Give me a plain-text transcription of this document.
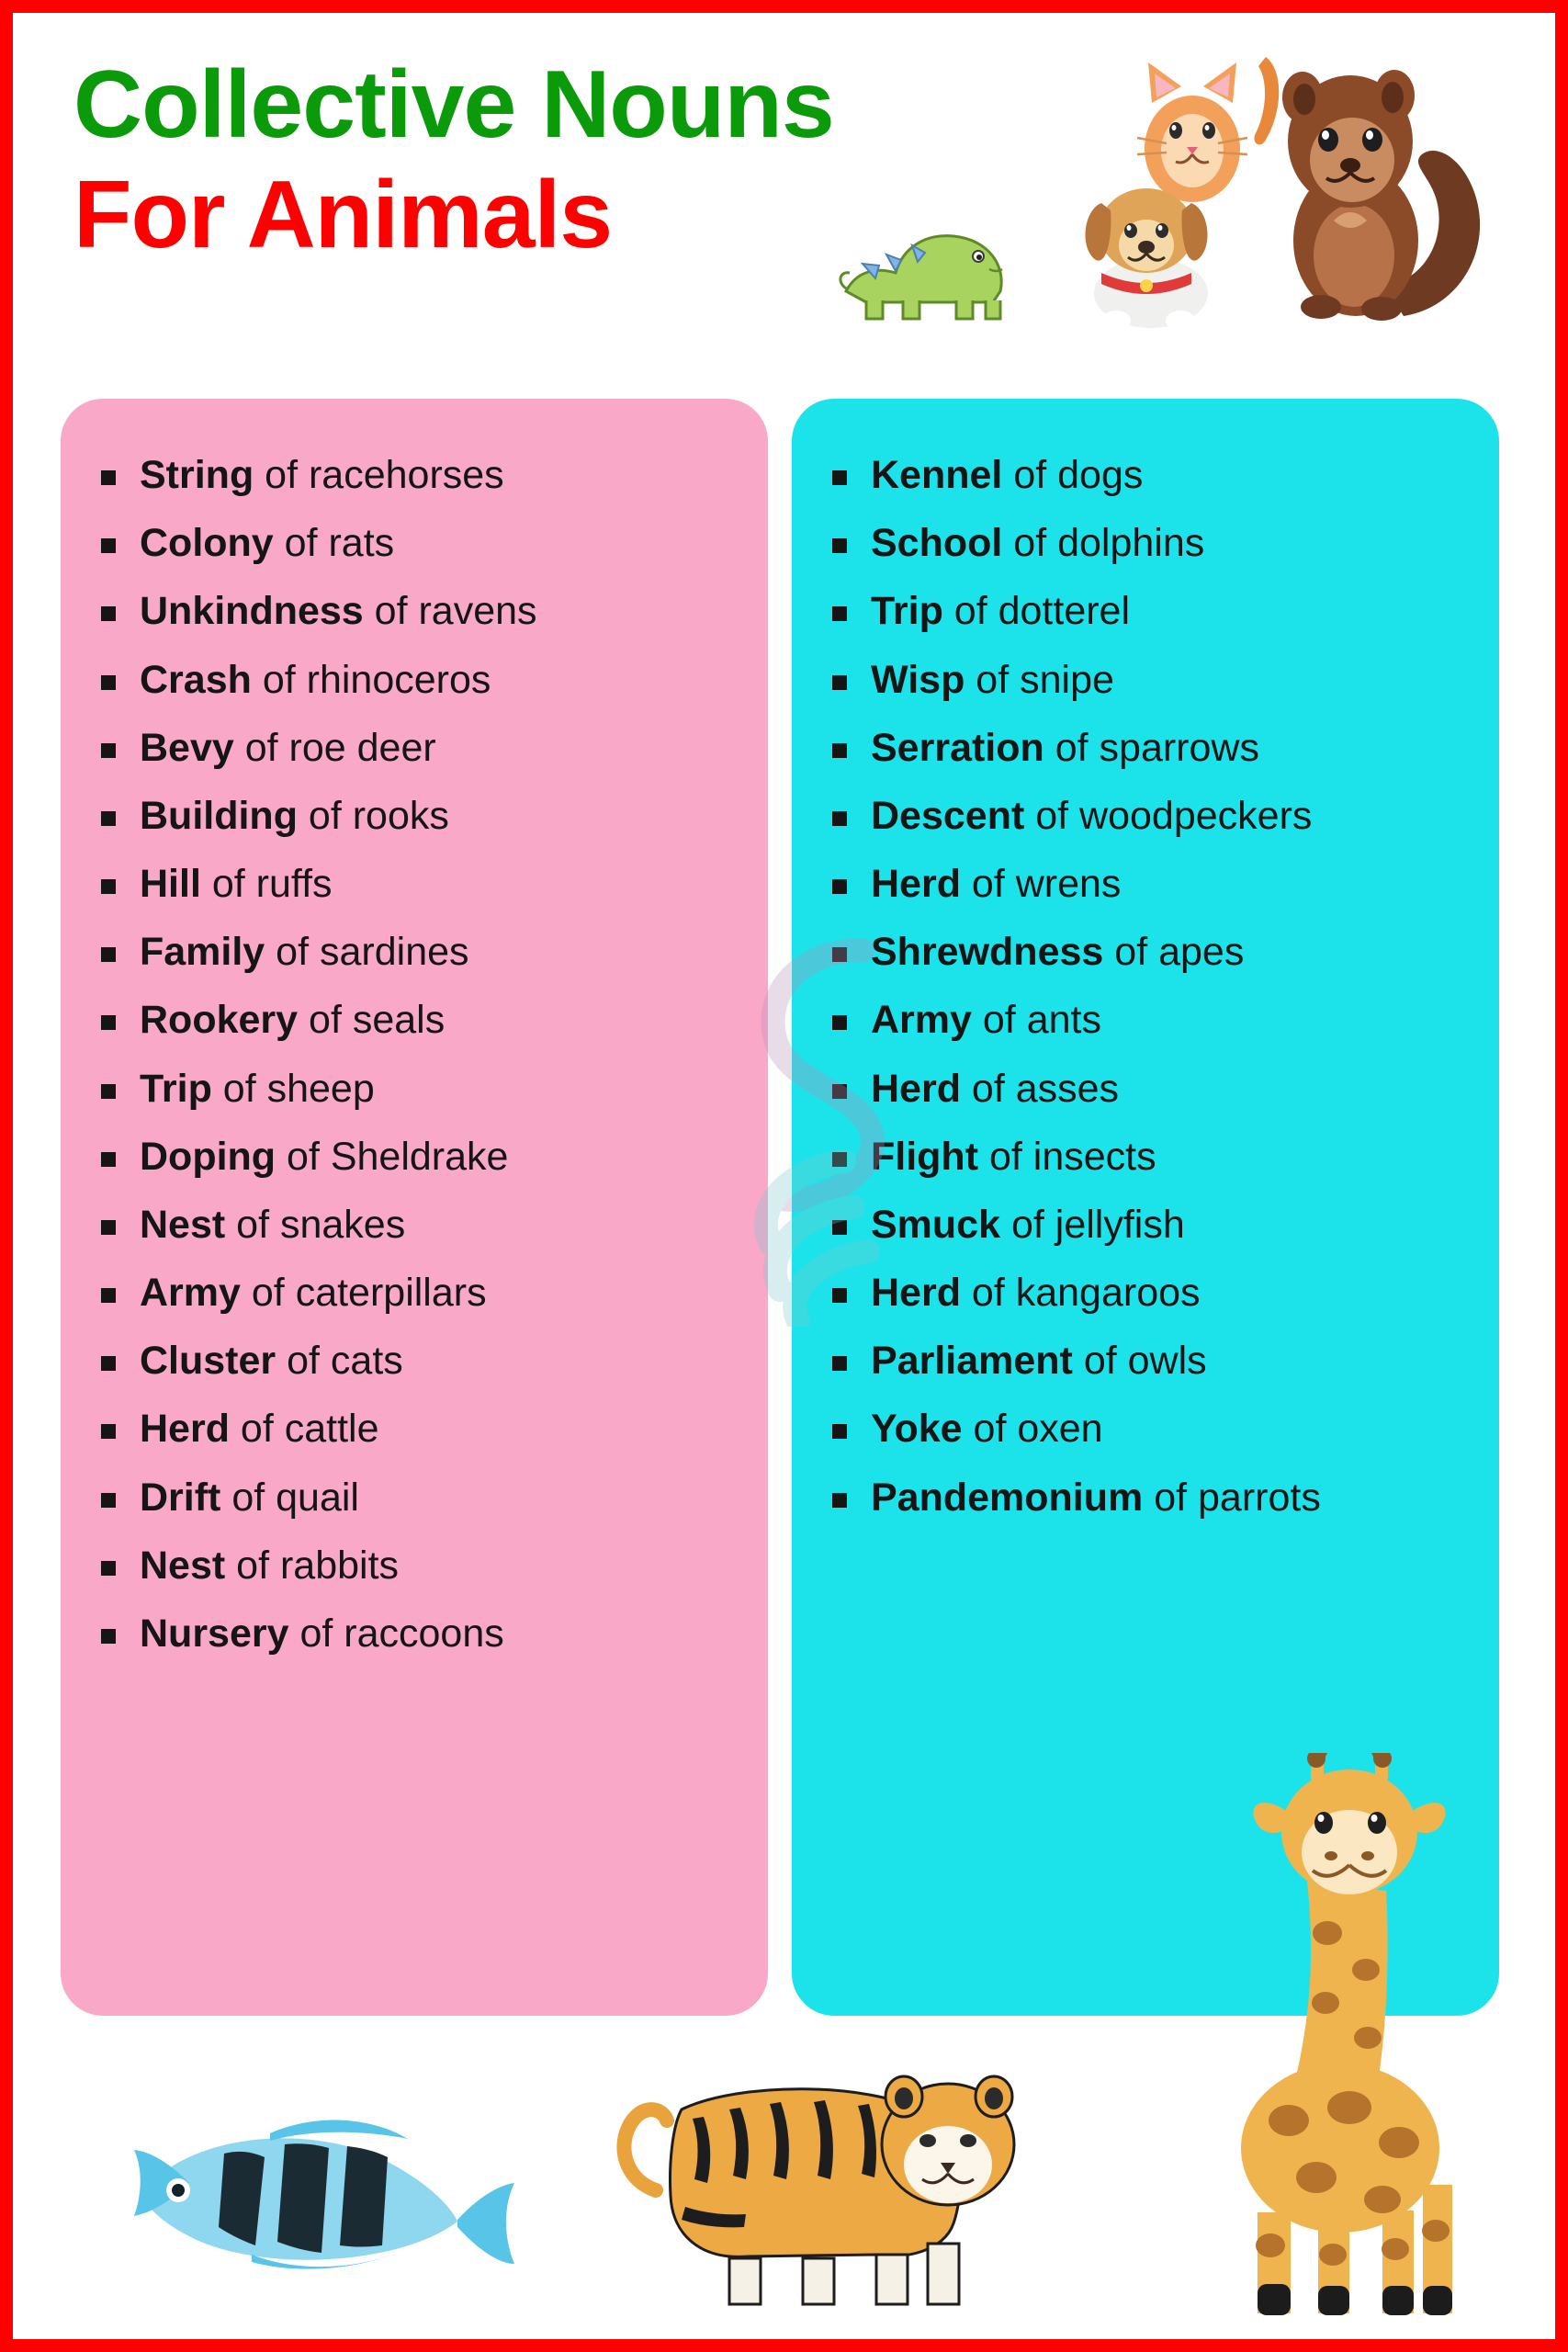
Collective Nouns
For Animals
String of racehorses
Colony of rats
Unkindness of ravens
Crash of rhinoceros
Bevy of roe deer
Building of rooks
Hill of ruffs
Family of sardines
Rookery of seals
Trip of sheep
Doping of Sheldrake
Nest of snakes
Army of caterpillars
Cluster of cats
Herd of cattle
Drift of quail
Nest of rabbits
Nursery of raccoons
Kennel of dogs
School of dolphins
Trip of dotterel
Wisp of snipe
Serration of sparrows
Descent of woodpeckers
Herd of wrens
Shrewdness of apes
Army of ants
Herd of asses
Flight of insects
Smuck of jellyfish
Herd of kangaroos
Parliament of owls
Yoke of oxen
Pandemonium of parrots
